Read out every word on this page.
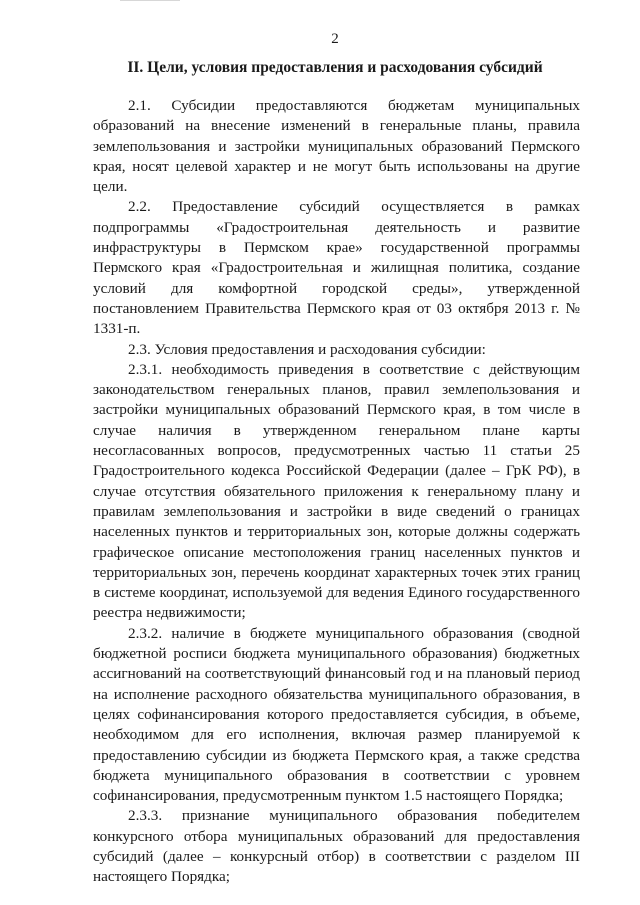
2
II. Цели, условия предоставления и расходования субсидий

2.1. Субсидии предоставляются бюджетам муниципальных образований на внесение изменений в генеральные планы, правила землепользования и застройки муниципальных образований Пермского края, носят целевой характер и не могут быть использованы на другие цели.

2.2. Предоставление субсидий осуществляется в рамках подпрограммы «Градостроительная деятельность и развитие инфраструктуры в Пермском крае» государственной программы Пермского края «Градостроительная и жилищная политика, создание условий для комфортной городской среды», утвержденной постановлением Правительства Пермского края от 03 октября 2013 г. № 1331-п.

2.3. Условия предоставления и расходования субсидии:

2.3.1. необходимость приведения в соответствие с действующим законодательством генеральных планов, правил землепользования и застройки муниципальных образований Пермского края, в том числе в случае наличия в утвержденном генеральном плане карты несогласованных вопросов, предусмотренных частью 11 статьи 25 Градостроительного кодекса Российской Федерации (далее – ГрК РФ), в случае отсутствия обязательного приложения к генеральному плану и правилам землепользования и застройки в виде сведений о границах населенных пунктов и территориальных зон, которые должны содержать графическое описание местоположения границ населенных пунктов и территориальных зон, перечень координат характерных точек этих границ в системе координат, используемой для ведения Единого государственного реестра недвижимости;

2.3.2. наличие в бюджете муниципального образования (сводной бюджетной росписи бюджета муниципального образования) бюджетных ассигнований на соответствующий финансовый год и на плановый период на исполнение расходного обязательства муниципального образования, в целях софинансирования которого предоставляется субсидия, в объеме, необходимом для его исполнения, включая размер планируемой к предоставлению субсидии из бюджета Пермского края, а также средства бюджета муниципального образования в соответствии с уровнем софинансирования, предусмотренным пунктом 1.5 настоящего Порядка;

2.3.3. признание муниципального образования победителем конкурсного отбора муниципальных образований для предоставления субсидий (далее – конкурсный отбор) в соответствии с разделом III настоящего Порядка;
